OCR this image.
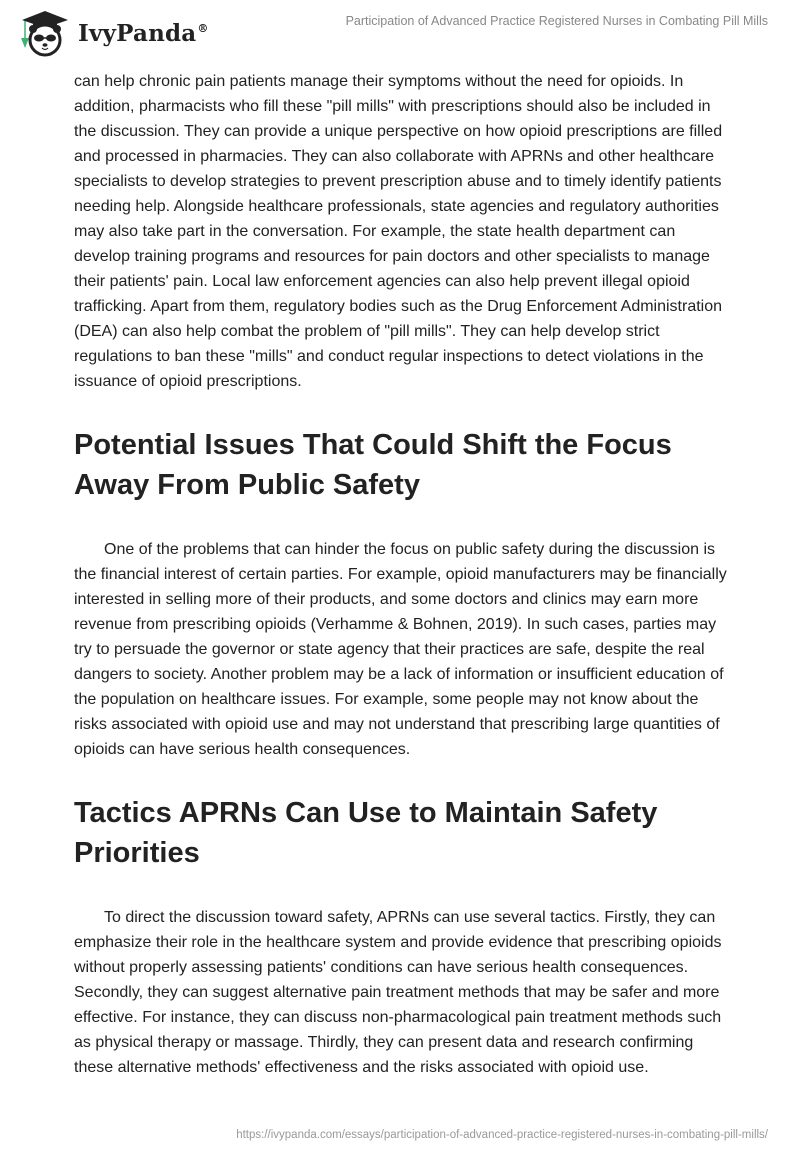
IvyPanda®
Participation of Advanced Practice Registered Nurses in Combating Pill Mills

can help chronic pain patients manage their symptoms without the need for opioids. In addition, pharmacists who fill these "pill mills" with prescriptions should also be included in the discussion. They can provide a unique perspective on how opioid prescriptions are filled and processed in pharmacies. They can also collaborate with APRNs and other healthcare specialists to develop strategies to prevent prescription abuse and to timely identify patients needing help. Alongside healthcare professionals, state agencies and regulatory authorities may also take part in the conversation. For example, the state health department can develop training programs and resources for pain doctors and other specialists to manage their patients' pain. Local law enforcement agencies can also help prevent illegal opioid trafficking. Apart from them, regulatory bodies such as the Drug Enforcement Administration (DEA) can also help combat the problem of "pill mills". They can help develop strict regulations to ban these "mills" and conduct regular inspections to detect violations in the issuance of opioid prescriptions.

Potential Issues That Could Shift the Focus Away From Public Safety

One of the problems that can hinder the focus on public safety during the discussion is the financial interest of certain parties. For example, opioid manufacturers may be financially interested in selling more of their products, and some doctors and clinics may earn more revenue from prescribing opioids (Verhamme & Bohnen, 2019). In such cases, parties may try to persuade the governor or state agency that their practices are safe, despite the real dangers to society. Another problem may be a lack of information or insufficient education of the population on healthcare issues. For example, some people may not know about the risks associated with opioid use and may not understand that prescribing large quantities of opioids can have serious health consequences.

Tactics APRNs Can Use to Maintain Safety Priorities

To direct the discussion toward safety, APRNs can use several tactics. Firstly, they can emphasize their role in the healthcare system and provide evidence that prescribing opioids without properly assessing patients' conditions can have serious health consequences. Secondly, they can suggest alternative pain treatment methods that may be safer and more effective. For instance, they can discuss non-pharmacological pain treatment methods such as physical therapy or massage. Thirdly, they can present data and research confirming these alternative methods' effectiveness and the risks associated with opioid use.

https://ivypanda.com/essays/participation-of-advanced-practice-registered-nurses-in-combating-pill-mills/
